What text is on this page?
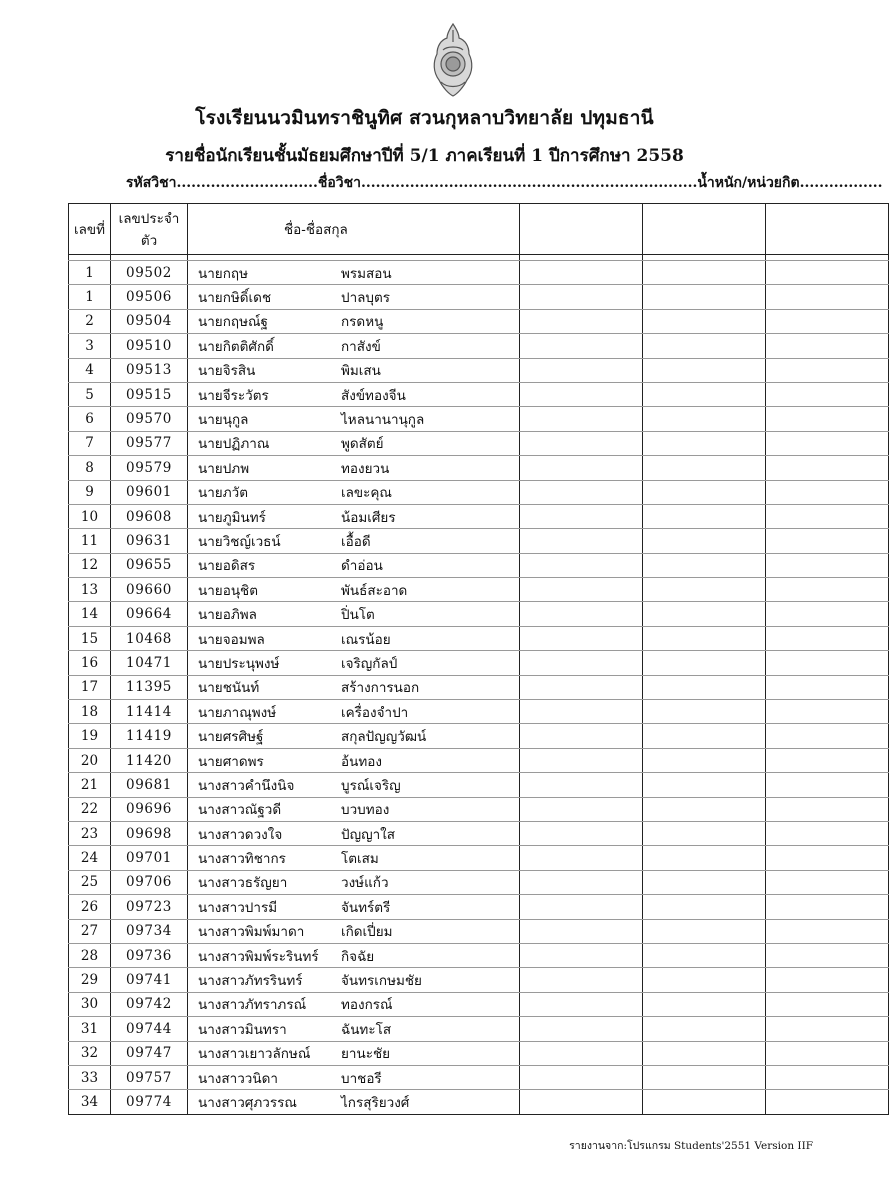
โรงเรียนนวมินทราชินูทิศ สวนกุหลาบวิทยาลัย ปทุมธานี
รายชื่อนักเรียนชั้นมัธยมศึกษาปีที่ 5/1 ภาคเรียนที่ 1 ปีการศึกษา 2558
รหัสวิชา.............................ชื่อวิชา.....................................................................น้ำหนัก/หน่วยกิต.................
เลขที่	เลขประจำตัว	ชื่อ-ชื่อสกุล			

1	09502	นายกฤษ พรมสอน			
1	09506	นายกษิดิ์เดช ปาลบุตร			
2	09504	นายกฤษณ์ฐ กรดหนู			
3	09510	นายกิตติศักดิ์ กาสังข์			
4	09513	นายจิรสิน พิมเสน			
5	09515	นายจีระวัตร สังข์ทองจีน			
6	09570	นายนุกูล ไหลนานานุกูล			
7	09577	นายปฏิภาณ พูดสัตย์			
8	09579	นายปภพ ทองยวน			
9	09601	นายภวัต เลขะคุณ			
10	09608	นายภูมินทร์ น้อมเศียร			
11	09631	นายวิชญ์เวธน์ เอื้อดี			
12	09655	นายอดิสร ดำอ่อน			
13	09660	นายอนุชิต พันธ์สะอาด			
14	09664	นายอภิพล ปิ่นโต			
15	10468	นายจอมพล เณรน้อย			
16	10471	นายประนุพงษ์ เจริญกัลป์			
17	11395	นายชนันท์ สร้างการนอก			
18	11414	นายภาณุพงษ์ เครื่องจำปา			
19	11419	นายศรศิษฐ์ สกุลปัญญวัฒน์			
20	11420	นายศาดพร อ้นทอง			
21	09681	นางสาวคำนึงนิจ บูรณ์เจริญ			
22	09696	นางสาวณัฐวดี บวบทอง			
23	09698	นางสาวดวงใจ ปัญญาใส			
24	09701	นางสาวทิชากร โตเสม			
25	09706	นางสาวธรัญยา วงษ์แก้ว			
26	09723	นางสาวปารมี จันทร์ตรี			
27	09734	นางสาวพิมพ์มาดา เกิดเปี่ยม			
28	09736	นางสาวพิมพ์ระรินทร์ กิจฉัย			
29	09741	นางสาวภัทรรินทร์ จันทรเกษมชัย			
30	09742	นางสาวภัทราภรณ์ ทองกรณ์			
31	09744	นางสาวมินทรา ฉันทะโส			
32	09747	นางสาวเยาวลักษณ์ ยานะชัย			
33	09757	นางสาววนิดา บาชอรี			
34	09774	นางสาวศุภวรรณ ไกรสุริยวงศ์			
รายงานจาก:โปรแกรม Students'2551 Version IIF
